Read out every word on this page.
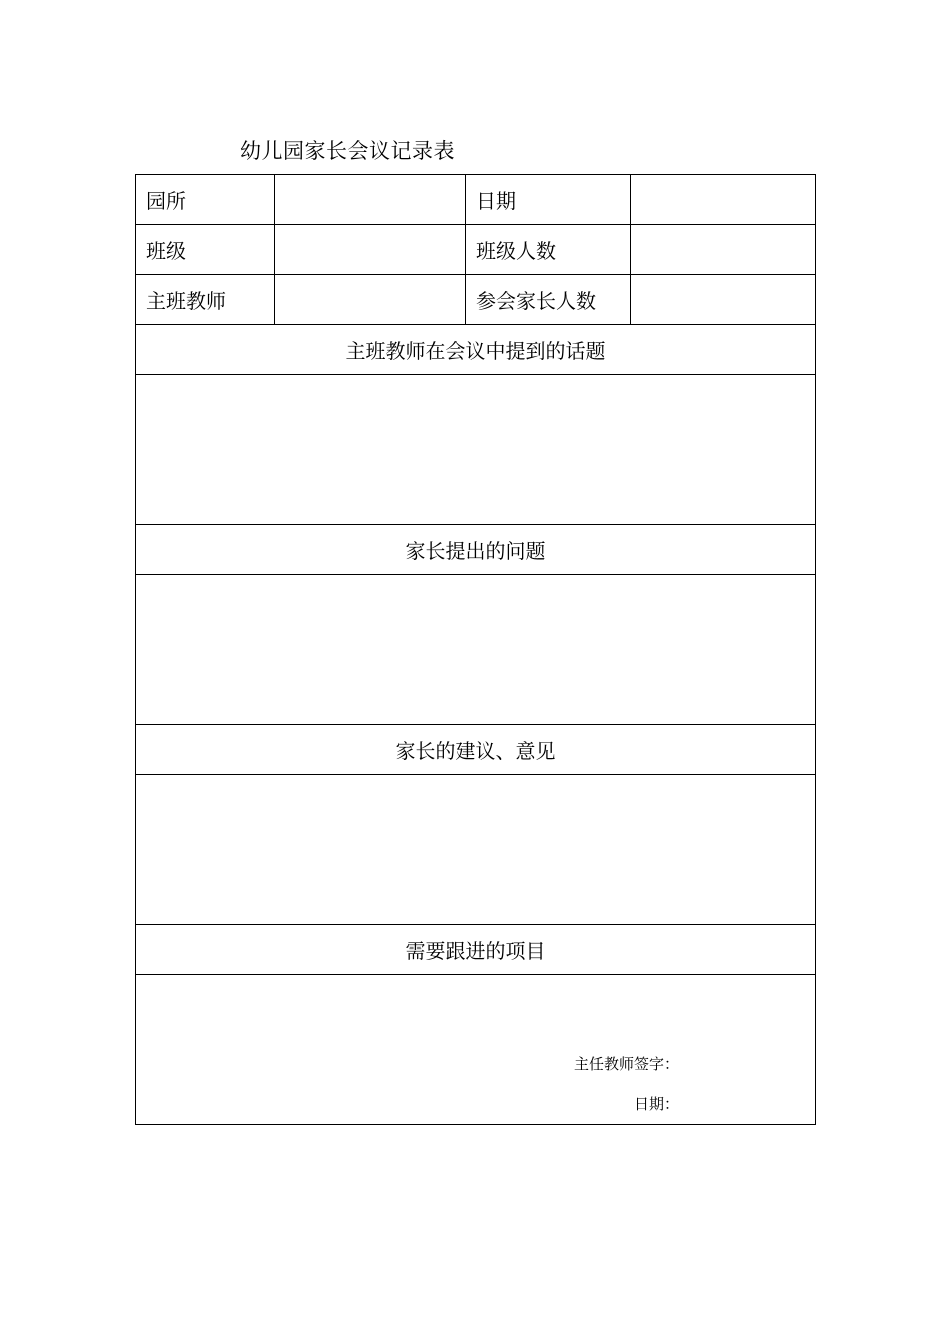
幼儿园家长会议记录表
园所		日期	
班级		班级人数	
主班教师		参会家长人数	
主班教师在会议中提到的话题			

家长提出的问题			

家长的建议、意见			

需要跟进的项目			

主任教师签字：
日期：			
